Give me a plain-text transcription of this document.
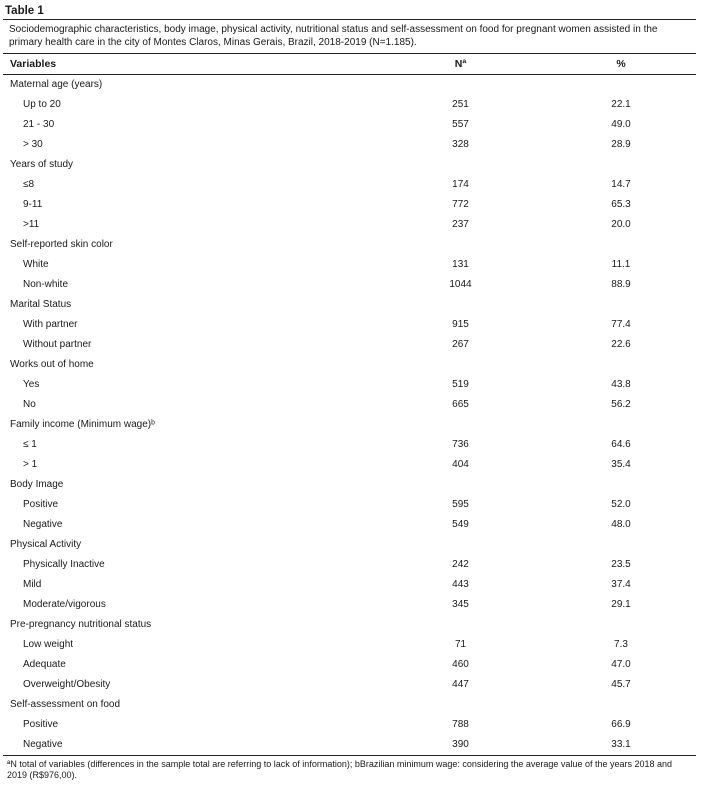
Table 1
Sociodemographic characteristics, body image, physical activity, nutritional status and self-assessment on food for pregnant women assisted in the primary health care in the city of Montes Claros, Minas Gerais, Brazil, 2018-2019 (N=1.185).
Variables	Nª	%
Maternal age (years)
Up to 20	251	22.1
21 - 30	557	49.0
> 30	328	28.9
Years of study
≤8	174	14.7
9-11	772	65.3
>11	237	20.0
Self-reported skin color
White	131	11.1
Non-white	1044	88.9
Marital Status
With partner	915	77.4
Without partner	267	22.6
Works out of home
Yes	519	43.8
No	665	56.2
Family income (Minimum wage)ᵇ
≤ 1	736	64.6
> 1	404	35.4
Body Image
Positive	595	52.0
Negative	549	48.0
Physical Activity
Physically Inactive	242	23.5
Mild	443	37.4
Moderate/vigorous	345	29.1
Pre-pregnancy nutritional status
Low weight	71	7.3
Adequate	460	47.0
Overweight/Obesity	447	45.7
Self-assessment on food
Positive	788	66.9
Negative	390	33.1
ªN total of variables (differences in the sample total are referring to lack of information); bBrazilian minimum wage: considering the average value of the years 2018 and 2019 (R$976,00).
